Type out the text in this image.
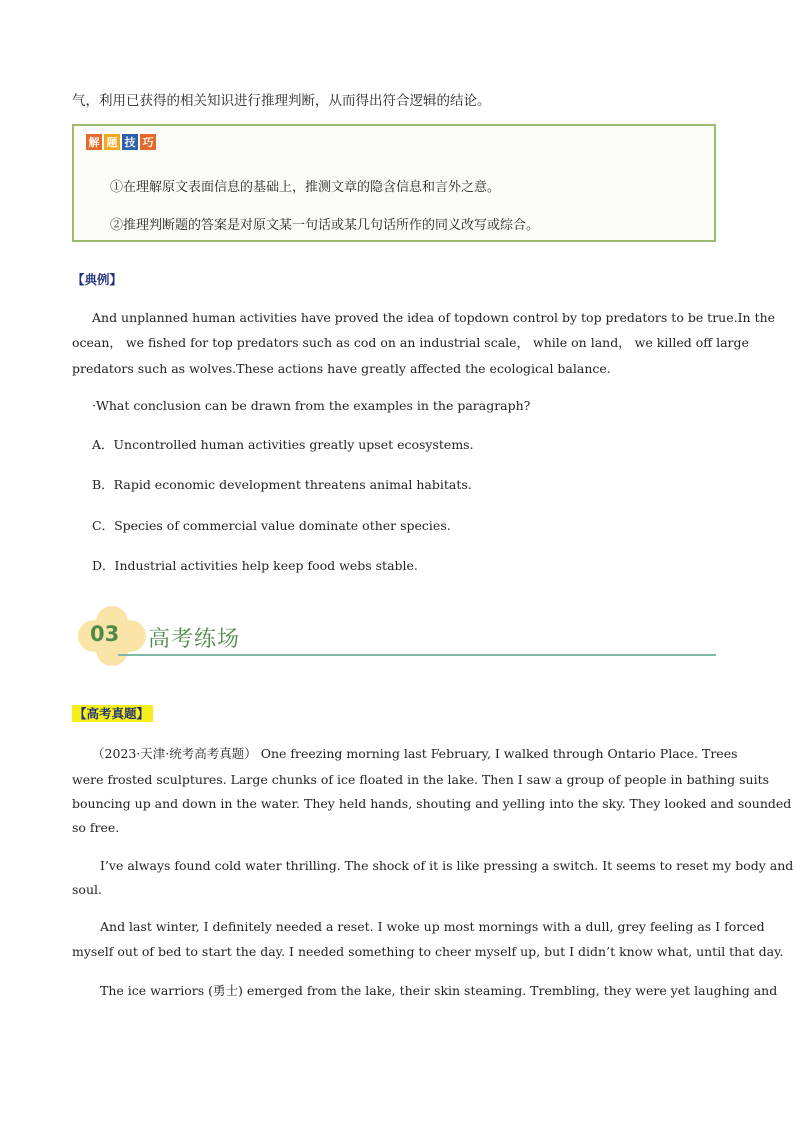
气，利用已获得的相关知识进行推理判断，从而得出符合逻辑的结论。
解 题 技 巧
①在理解原文表面信息的基础上，推测文章的隐含信息和言外之意。
②推理判断题的答案是对原文某一句话或某几句话所作的同义改写或综合。
【典例】
And unplanned human activities have proved the idea of topdown control by top predators to be true.In the
ocean， we fished for top predators such as cod on an industrial scale， while on land， we killed off large
predators such as wolves.These actions have greatly affected the ecological balance.
·What conclusion can be drawn from the examples in the paragraph?
A．Uncontrolled human activities greatly upset ecosystems.
B．Rapid economic development threatens animal habitats.
C．Species of commercial value dominate other species.
D．Industrial activities help keep food webs stable.
03 高考练场
【高考真题】
（2023·天津·统考高考真题） One freezing morning last February, I walked through Ontario Place. Trees
were frosted sculptures. Large chunks of ice floated in the lake. Then I saw a group of people in bathing suits
bouncing up and down in the water. They held hands, shouting and yelling into the sky. They looked and sounded
so free.
I’ve always found cold water thrilling. The shock of it is like pressing a switch. It seems to reset my body and
soul.
And last winter, I definitely needed a reset. I woke up most mornings with a dull, grey feeling as I forced
myself out of bed to start the day. I needed something to cheer myself up, but I didn’t know what, until that day.
The ice warriors (勇士) emerged from the lake, their skin steaming. Trembling, they were yet laughing and
